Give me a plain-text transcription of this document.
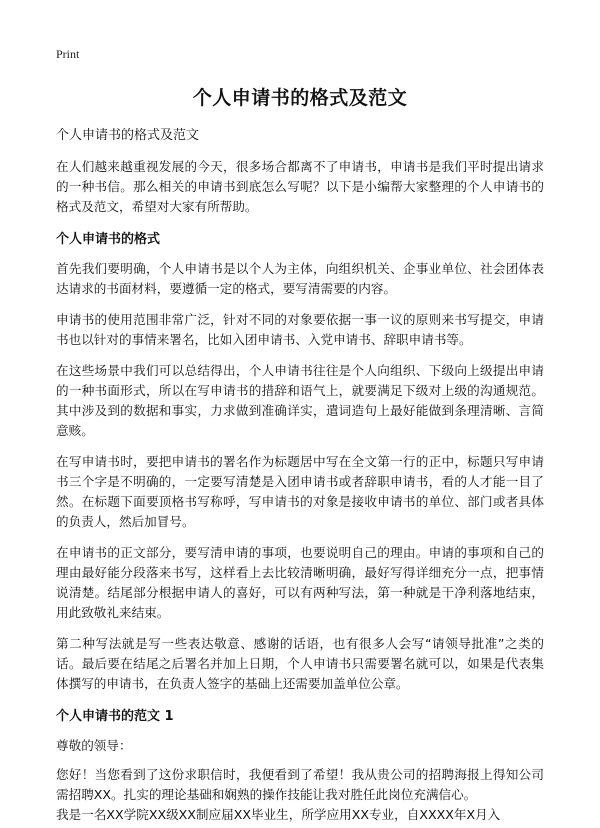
Print
个人申请书的格式及范文
个人申请书的格式及范文

在人们越来越重视发展的今天，很多场合都离不了申请书，申请书是我们平时提出请求的一种书信。那么相关的申请书到底怎么写呢？以下是小编帮大家整理的个人申请书的格式及范文，希望对大家有所帮助。

个人申请书的格式

首先我们要明确，个人申请书是以个人为主体，向组织机关、企事业单位、社会团体表达请求的书面材料，要遵循一定的格式，要写清需要的内容。

申请书的使用范围非常广泛，针对不同的对象要依据一事一议的原则来书写提交，申请书也以针对的事情来署名，比如入团申请书、入党申请书、辞职申请书等。

在这些场景中我们可以总结得出，个人申请书往往是个人向组织、下级向上级提出申请的一种书面形式，所以在写申请书的措辞和语气上，就要满足下级对上级的沟通规范。其中涉及到的数据和事实，力求做到准确详实，遣词造句上最好能做到条理清晰、言简意赅。

在写申请书时，要把申请书的署名作为标题居中写在全文第一行的正中，标题只写申请书三个字是不明确的，一定要写清楚是入团申请书或者辞职申请书，看的人才能一目了然。在标题下面要顶格书写称呼，写申请书的对象是接收申请书的单位、部门或者具体的负责人，然后加冒号。

在申请书的正文部分，要写清申请的事项，也要说明自己的理由。申请的事项和自己的理由最好能分段落来书写，这样看上去比较清晰明确，最好写得详细充分一点，把事情说清楚。结尾部分根据申请人的喜好，可以有两种写法，第一种就是干净利落地结束，用此致敬礼来结束。

第二种写法就是写一些表达敬意、感谢的话语，也有很多人会写“请领导批准”之类的话。最后要在结尾之后署名并加上日期，个人申请书只需要署名就可以，如果是代表集体撰写的申请书，在负责人签字的基础上还需要加盖单位公章。

个人申请书的范文 1

尊敬的领导：

您好！当您看到了这份求职信时，我便看到了希望！我从贵公司的招聘海报上得知公司需招聘XX。扎实的理论基础和娴熟的操作技能让我对胜任此岗位充满信心。

我是一名XX学院XX级XX制应届XX毕业生，所学应用XX专业，自XXXX年X月入
